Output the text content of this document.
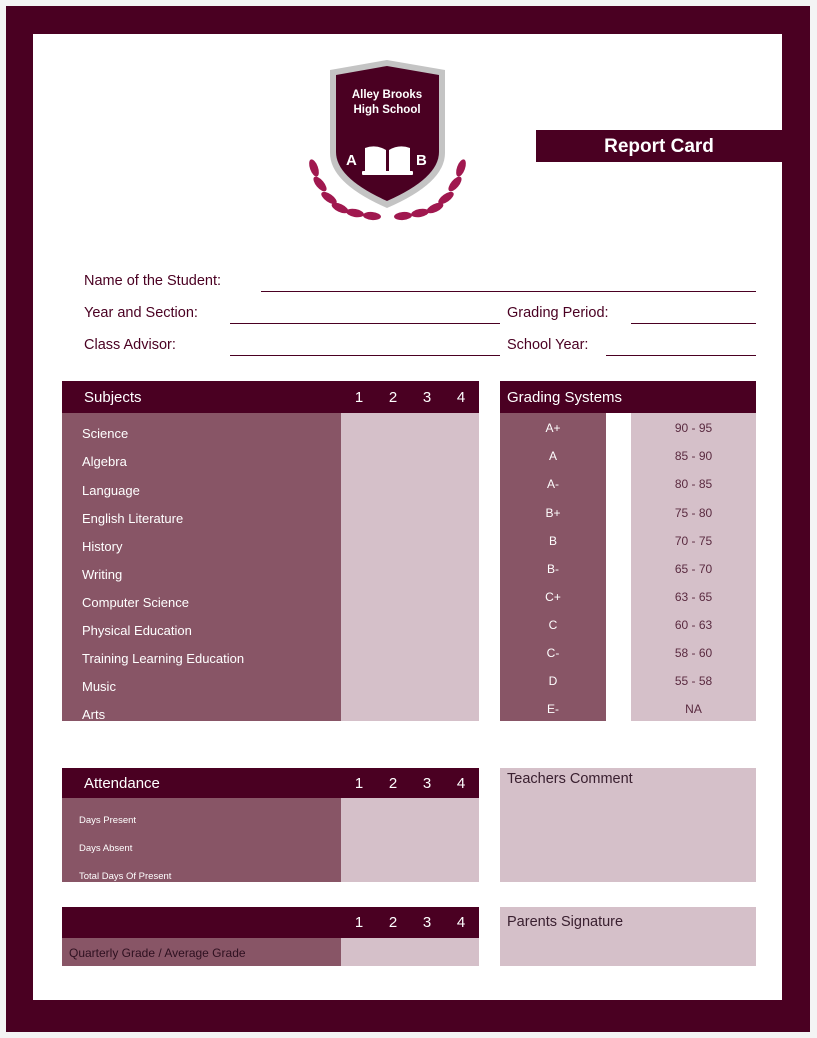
Alley Brooks
High School
A	B
Report Card
Name of the Student:
Year and Section:	Grading Period:
Class Advisor:	School Year:
Subjects	1	2	3	4
Science
Algebra
Language
English Literature
History
Writing
Computer Science
Physical Education
Training Learning Education
Music
Arts
Grading Systems
A+	90 - 95
A	85 - 90
A-	80 - 85
B+	75 - 80
B	70 - 75
B-	65 - 70
C+	63 - 65
C	60 - 63
C-	58 - 60
D	55 - 58
E-	NA
Attendance	1	2	3	4
Days Present
Days Absent
Total Days Of Present
Teachers Comment
1	2	3	4
Quarterly Grade / Average Grade
Parents Signature
